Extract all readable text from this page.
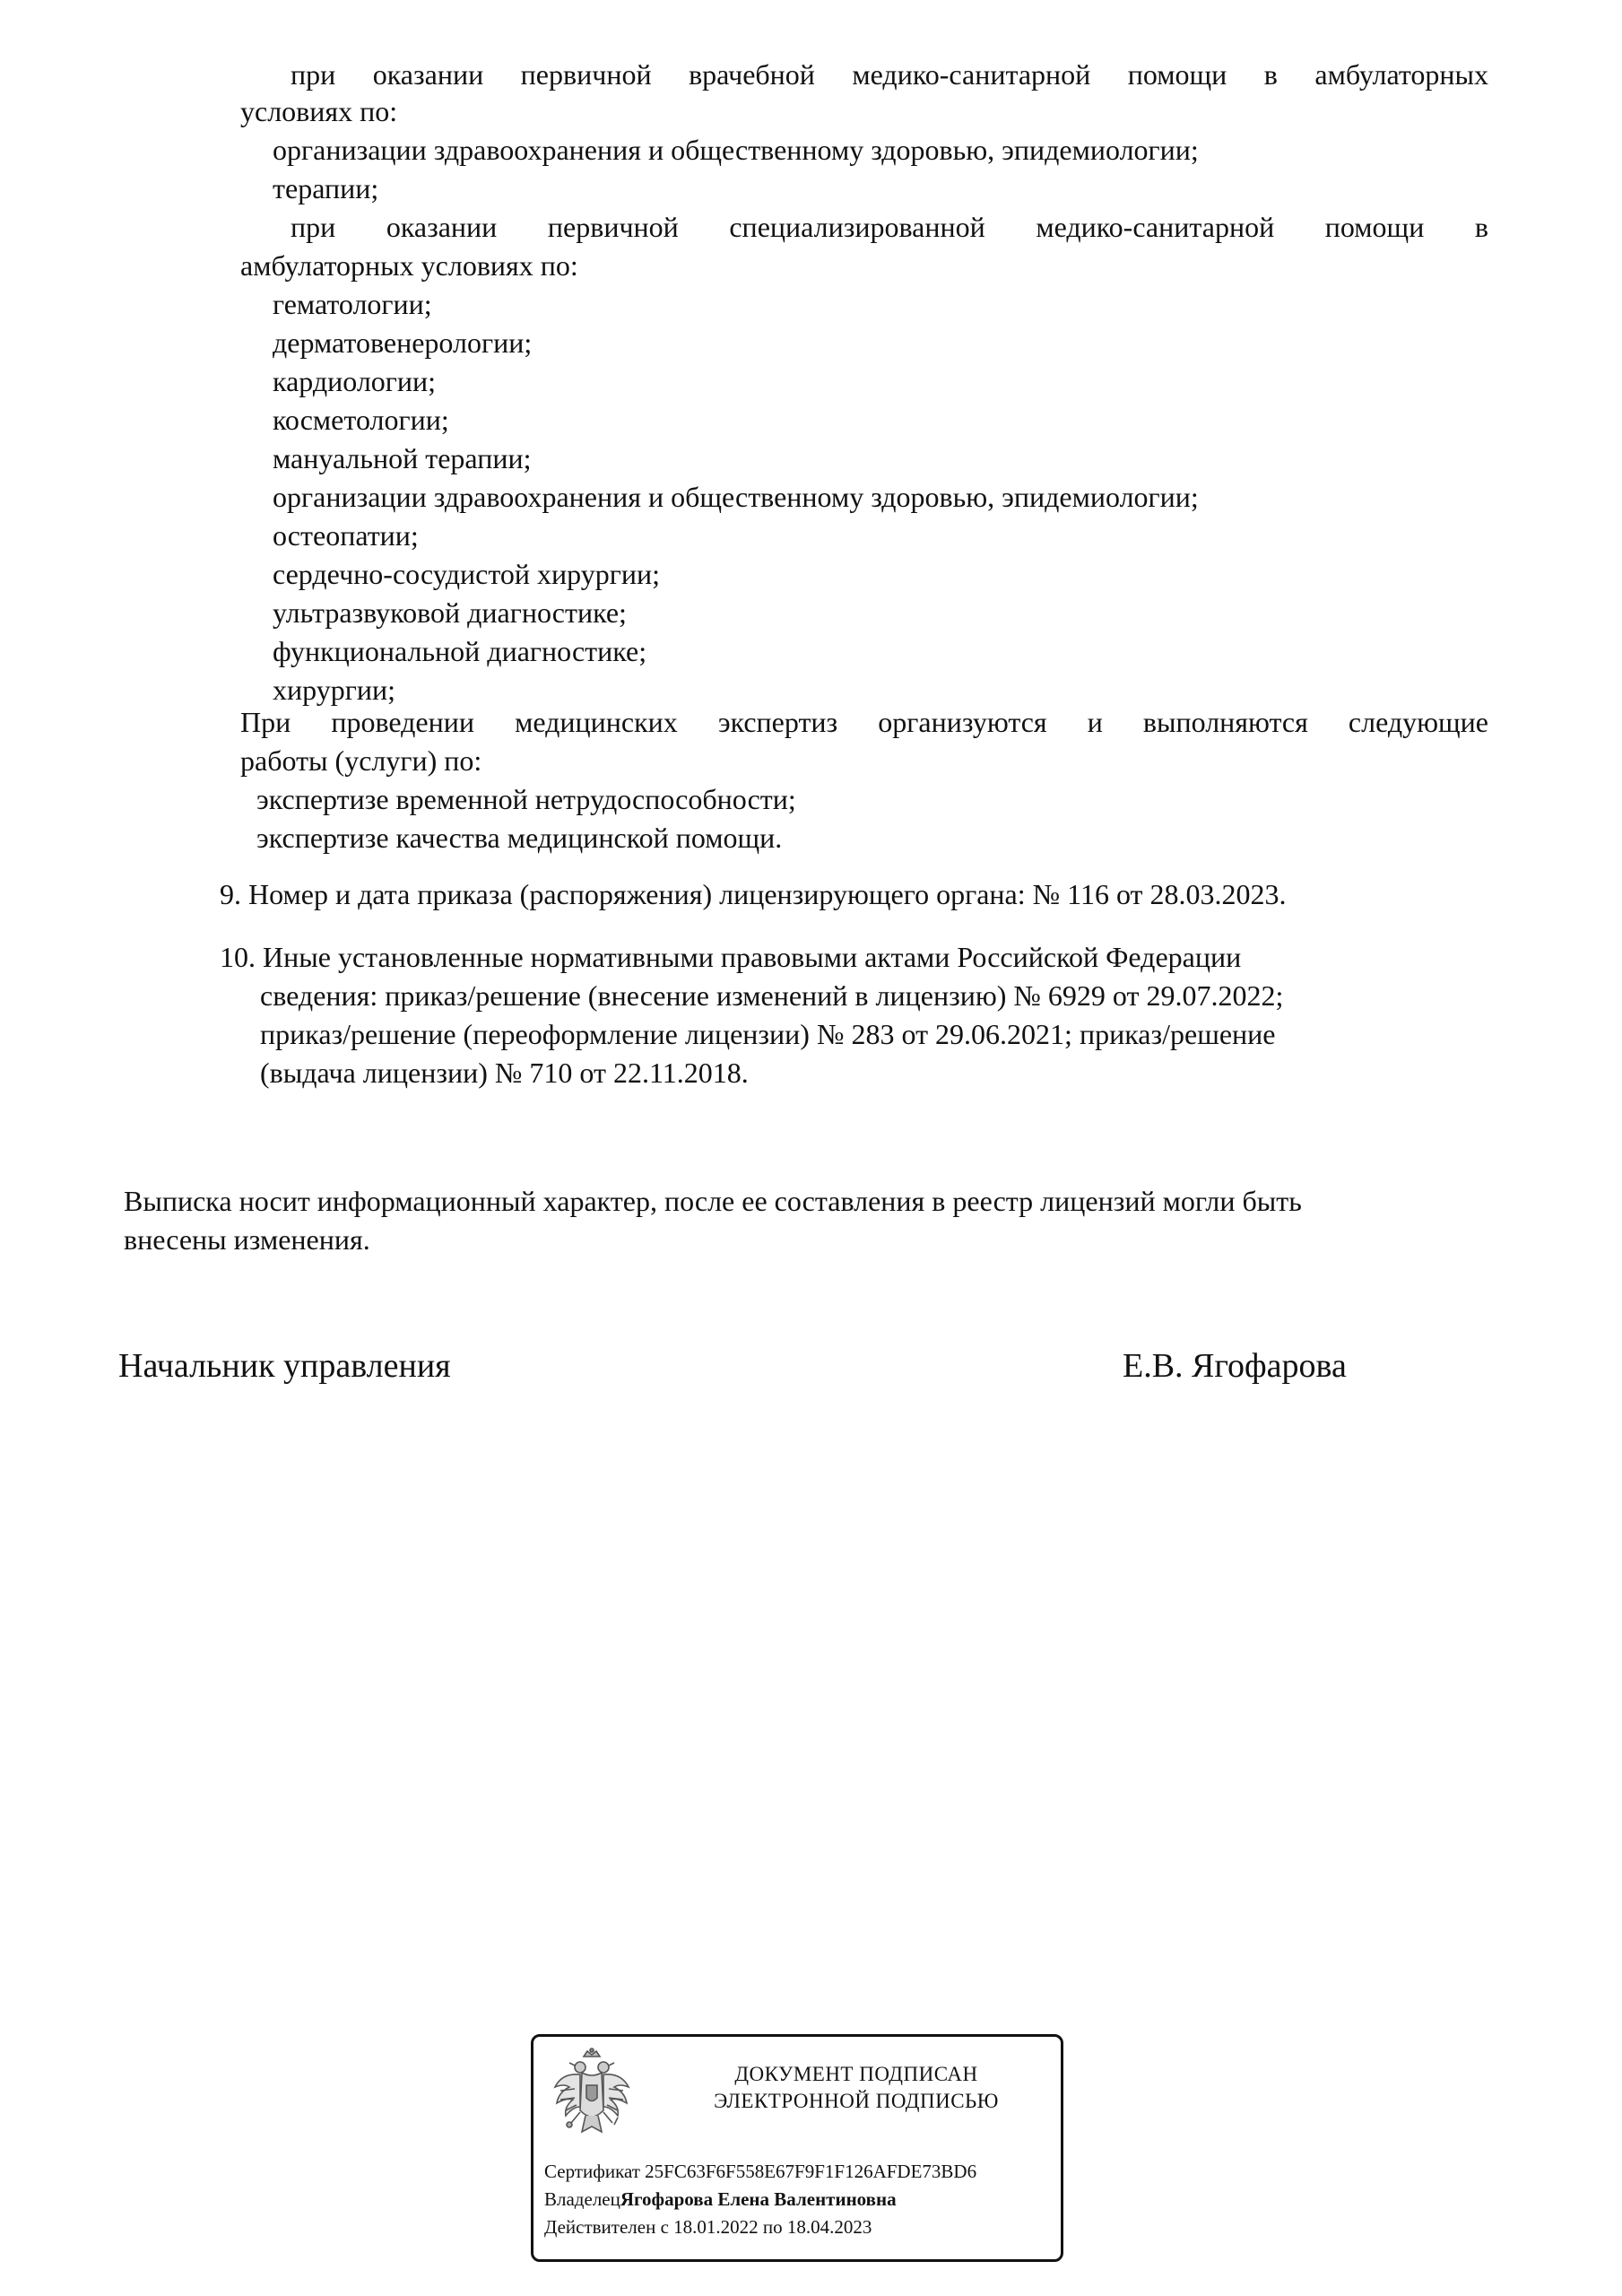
при оказании первичной врачебной медико-санитарной помощи в амбулаторных
условиях по:
организации здравоохранения и общественному здоровью, эпидемиологии;
терапии;
при оказании первичной специализированной медико-санитарной помощи в
амбулаторных условиях по:
гематологии;
дерматовенерологии;
кардиологии;
косметологии;
мануальной терапии;
организации здравоохранения и общественному здоровью, эпидемиологии;
остеопатии;
сердечно-сосудистой хирургии;
ультразвуковой диагностике;
функциональной диагностике;
хирургии;
При проведении медицинских экспертиз организуются и выполняются следующие
работы (услуги) по:
экспертизе временной нетрудоспособности;
экспертизе качества медицинской помощи.
9. Номер и дата приказа (распоряжения) лицензирующего органа: № 116 от 28.03.2023.
10. Иные установленные нормативными правовыми актами Российской Федерации
сведения: приказ/решение (внесение изменений в лицензию) № 6929 от 29.07.2022;
приказ/решение (переоформление лицензии) № 283 от 29.06.2021; приказ/решение
(выдача лицензии) № 710 от 22.11.2018.
Выписка носит информационный характер, после ее составления в реестр лицензий могли быть
внесены изменения.
Начальник управления	Е.В. Ягофарова
ДОКУМЕНТ ПОДПИСАН
ЭЛЕКТРОННОЙ ПОДПИСЬЮ
Сертификат 25FC63F6F558E67F9F1F126AFDE73BD6
ВладелецЯгофарова Елена Валентиновна
Действителен с 18.01.2022 по 18.04.2023
